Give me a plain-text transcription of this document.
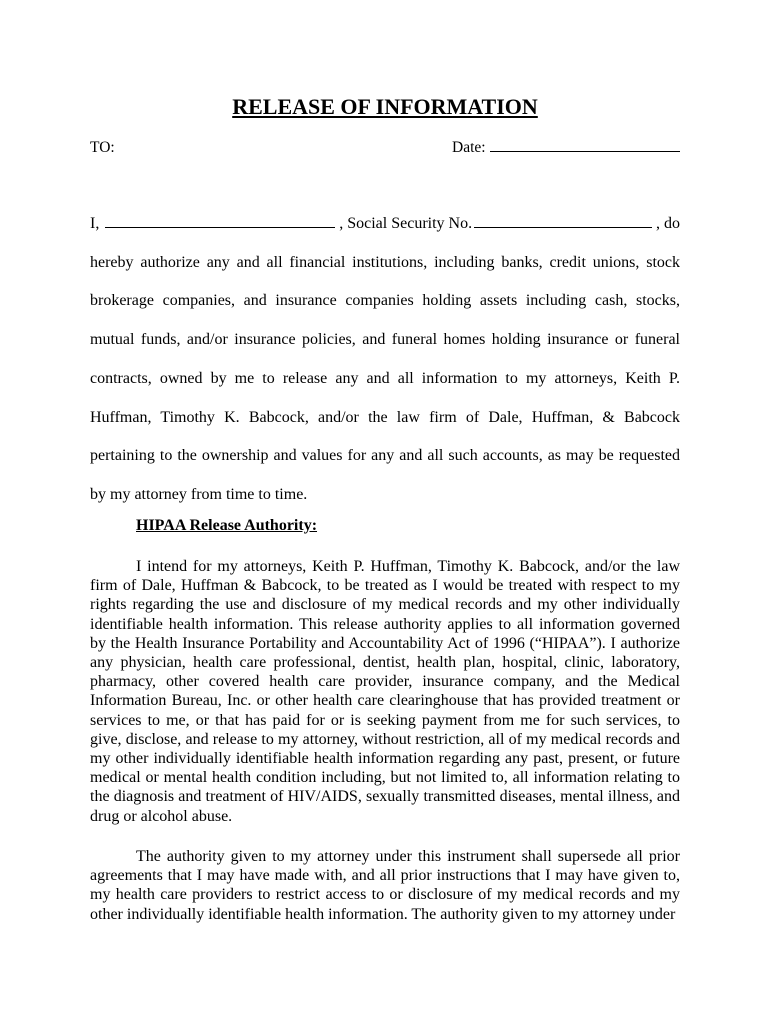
RELEASE OF INFORMATION
TO:	Date:
I,	, Social Security No.	, do
hereby authorize any and all financial institutions, including banks, credit unions, stock brokerage companies, and insurance companies holding assets including cash, stocks, mutual funds, and/or insurance policies, and funeral homes holding insurance or funeral contracts, owned by me to release any and all information to my attorneys, Keith P. Huffman, Timothy K. Babcock, and/or the law firm of Dale, Huffman, & Babcock pertaining to the ownership and values for any and all such accounts, as may be requested by my attorney from time to time.
HIPAA Release Authority:

I intend for my attorneys, Keith P. Huffman, Timothy K. Babcock, and/or the law firm of Dale, Huffman & Babcock, to be treated as I would be treated with respect to my rights regarding the use and disclosure of my medical records and my other individually identifiable health information. This release authority applies to all information governed by the Health Insurance Portability and Accountability Act of 1996 (“HIPAA”). I authorize any physician, health care professional, dentist, health plan, hospital, clinic, laboratory, pharmacy, other covered health care provider, insurance company, and the Medical Information Bureau, Inc. or other health care clearinghouse that has provided treatment or services to me, or that has paid for or is seeking payment from me for such services, to give, disclose, and release to my attorney, without restriction, all of my medical records and my other individually identifiable health information regarding any past, present, or future medical or mental health condition including, but not limited to, all information relating to the diagnosis and treatment of HIV/AIDS, sexually transmitted diseases, mental illness, and drug or alcohol abuse.

The authority given to my attorney under this instrument shall supersede all prior agreements that I may have made with, and all prior instructions that I may have given to, my health care providers to restrict access to or disclosure of my medical records and my other individually identifiable health information. The authority given to my attorney under
